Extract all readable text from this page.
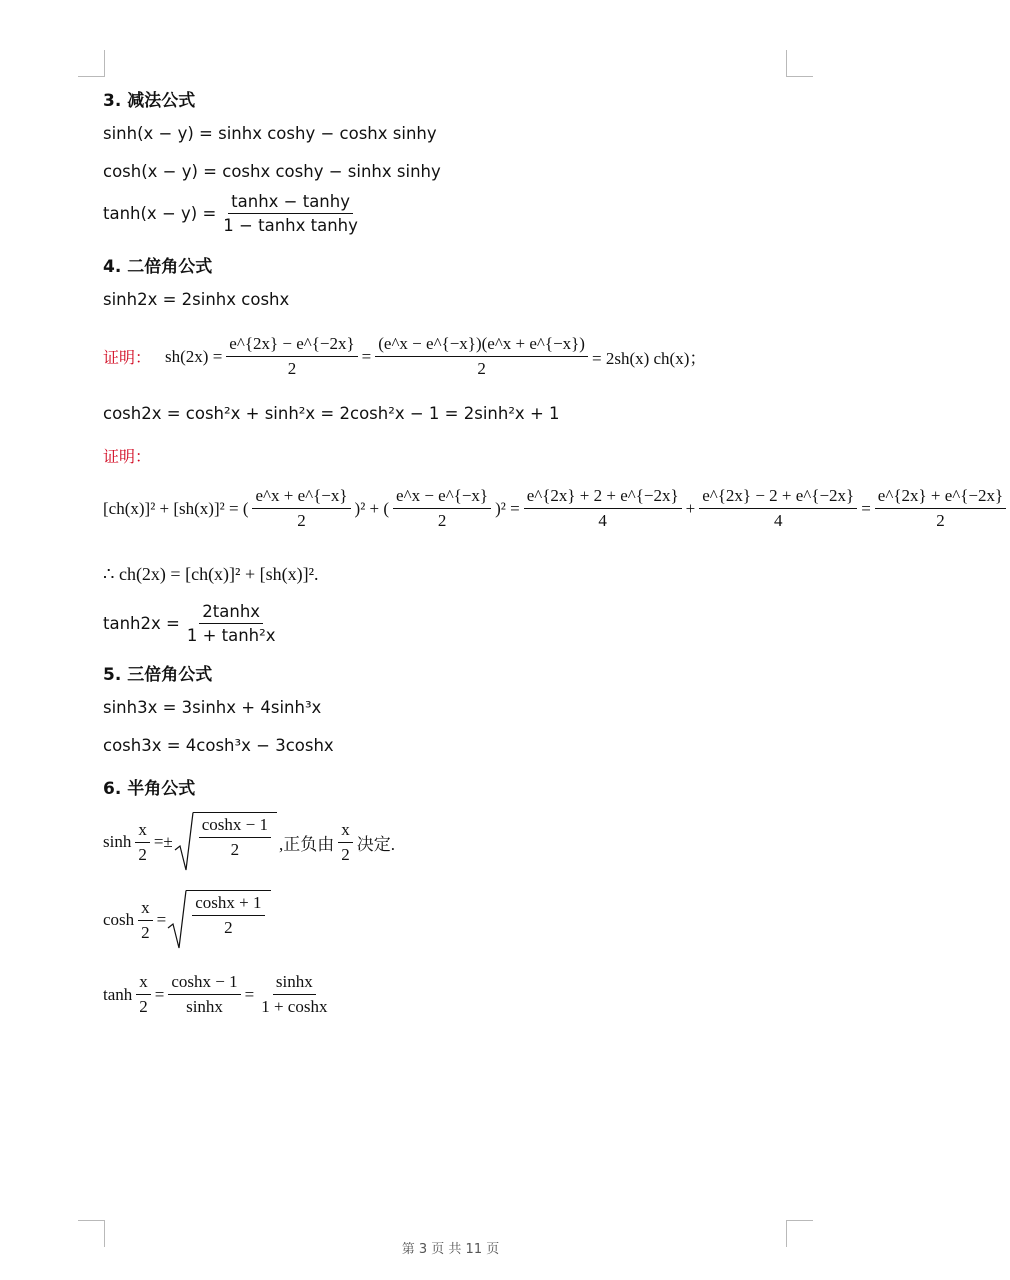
3. 减法公式
sinh(x − y) = sinhx coshy − coshx sinhy
cosh(x − y) = coshx coshy − sinhx sinhy
$\tanh(x - y) = \frac{\tanh x - \tanh y}{\text{1 − tanhx tanhy}}$
4. 二倍角公式
sinh2x = 2sinhx coshx
证明： $sh(2x) = \frac{e\^{}\{2x\} - e\^{}\{-2x\}}{2} = \frac{(e\^{}x - e\^{}\{-x\})(e\^{}x + e\^{}\{-x\})}{2} = 2sh(x)$ ch(x)；
cosh2x = cosh²x + sinh²x = 2cosh²x − 1 = 2sinh²x + 1
证明：
[ch(x)]² + [sh(x)]² = ( $\frac{e\^{}x + e\^{}\{-x\}}{2} )^2$ + ( $\frac{e\^{}x - e\^{}\{-x\}}{2} )^2 = \frac{e\^{}\{2x\} + 2 + e\^{}\{-2x\}}{4} + \frac{e\^{}\{2x\} - 2 + e\^{}\{-2x\}}{4} = \frac{e\^{}\{2x\} + e\^{}\{-2x\}}{2}$
∴ ch(2x) = [ch(x)]² + [sh(x)]².
$\tanh 2x = \frac{2\tanh x}{\text{1 + tanh²x}}$
5. 三倍角公式
sinh3x = 3sinhx + 4sinh³x
cosh3x = 4cosh³x − 3coshx
6. 半角公式
$\sinh \frac{x}{2} =\pm \frac{\cosh x - 1}{2}$ ,正负由 $\frac{x}{2}$ 决定.
$\cosh \frac{x}{2} = \frac{\cosh x + 1}{2}$
$\tanh \frac{x}{2} = \frac{\cosh x - 1}{\sinh x} = \frac{\sinh x}{1 + \cosh x}$
第 3 页 共 11 页
